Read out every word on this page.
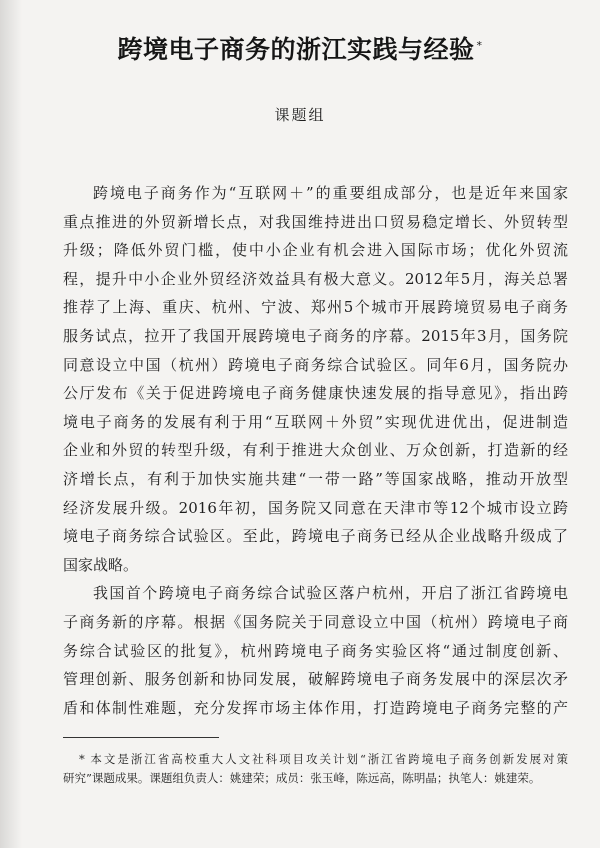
跨境电子商务的浙江实践与经验 *
课题组
跨境电子商务作为“互联网＋”的重要组成部分，也是近年来国家
重点推进的外贸新增长点，对我国维持进出口贸易稳定增长、外贸转型
升级；降低外贸门槛，使中小企业有机会进入国际市场；优化外贸流
程，提升中小企业外贸经济效益具有极大意义。2012年5月，海关总署
推荐了上海、重庆、杭州、宁波、郑州5个城市开展跨境贸易电子商务
服务试点，拉开了我国开展跨境电子商务的序幕。2015年3月，国务院
同意设立中国（杭州）跨境电子商务综合试验区。同年6月，国务院办
公厅发布《关于促进跨境电子商务健康快速发展的指导意见》，指出跨
境电子商务的发展有利于用“互联网＋外贸”实现优进优出，促进制造
企业和外贸的转型升级，有利于推进大众创业、万众创新，打造新的经
济增长点，有利于加快实施共建“一带一路”等国家战略，推动开放型
经济发展升级。2016年初，国务院又同意在天津市等12个城市设立跨
境电子商务综合试验区。至此，跨境电子商务已经从企业战略升级成了
国家战略。
我国首个跨境电子商务综合试验区落户杭州，开启了浙江省跨境电
子商务新的序幕。根据《国务院关于同意设立中国（杭州）跨境电子商
务综合试验区的批复》，杭州跨境电子商务实验区将“通过制度创新、
管理创新、服务创新和协同发展，破解跨境电子商务发展中的深层次矛
盾和体制性难题，充分发挥市场主体作用，打造跨境电子商务完整的产
* 本文是浙江省高校重大人文社科项目攻关计划“浙江省跨境电子商务创新发展对策
研究”课题成果。课题组负责人：姚建荣；成员：张玉峰，陈远高，陈明晶；执笔人：姚建荣。
